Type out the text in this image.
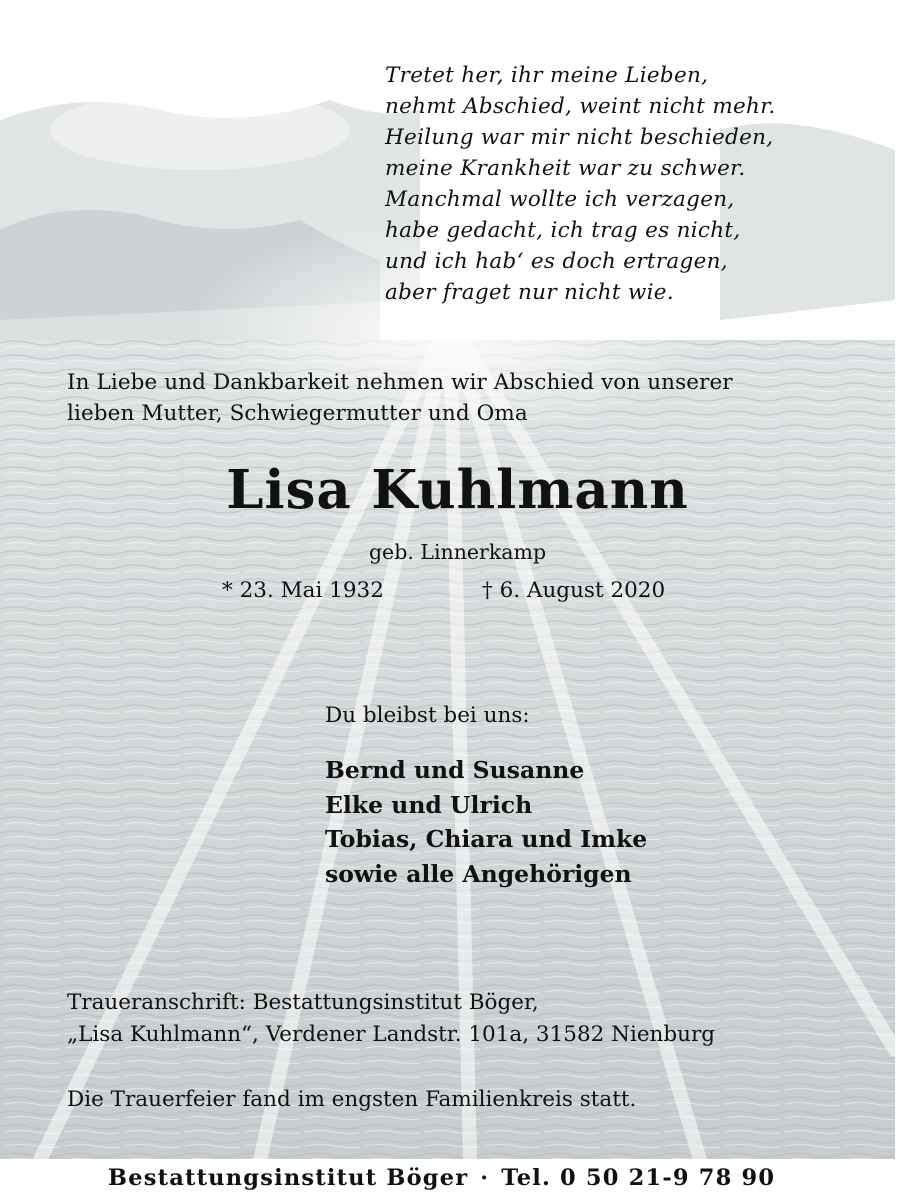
Tretet her, ihr meine Lieben,
nehmt Abschied, weint nicht mehr.
Heilung war mir nicht beschieden,
meine Krankheit war zu schwer.
Manchmal wollte ich verzagen,
habe gedacht, ich trag es nicht,
und ich hab‘ es doch ertragen,
aber fraget nur nicht wie.
In Liebe und Dankbarkeit nehmen wir Abschied von unserer
lieben Mutter, Schwiegermutter und Oma
Lisa Kuhlmann
geb. Linnerkamp
* 23. Mai 1932	† 6. August 2020
Du bleibst bei uns:
Bernd und Susanne
Elke und Ulrich
Tobias, Chiara und Imke
sowie alle Angehörigen
Traueranschrift: Bestattungsinstitut Böger,
„Lisa Kuhlmann“, Verdener Landstr. 101a, 31582 Nienburg
Die Trauerfeier fand im engsten Familienkreis statt.
Bestattungsinstitut Böger · Tel. 0 50 21-9 78 90
